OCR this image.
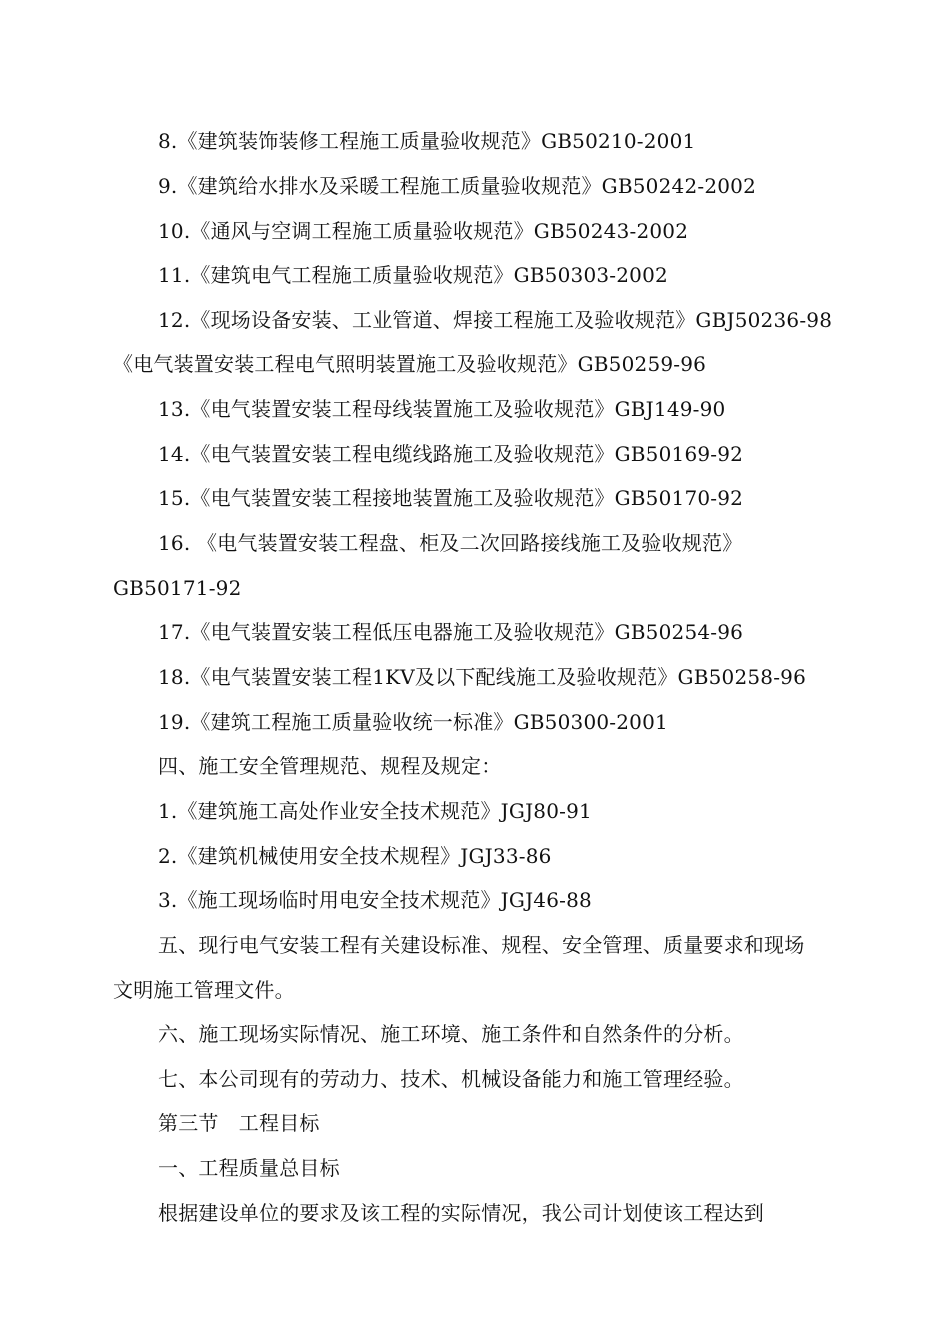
8.《建筑装饰装修工程施工质量验收规范》GB50210-2001
9.《建筑给水排水及采暖工程施工质量验收规范》GB50242-2002
10.《通风与空调工程施工质量验收规范》GB50243-2002
11.《建筑电气工程施工质量验收规范》GB50303-2002
12.《现场设备安装、工业管道、焊接工程施工及验收规范》GBJ50236-98
《电气装置安装工程电气照明装置施工及验收规范》GB50259-96
13.《电气装置安装工程母线装置施工及验收规范》GBJ149-90
14.《电气装置安装工程电缆线路施工及验收规范》GB50169-92
15.《电气装置安装工程接地装置施工及验收规范》GB50170-92
16. 《电气装置安装工程盘、柜及二次回路接线施工及验收规范》
GB50171-92
17.《电气装置安装工程低压电器施工及验收规范》GB50254-96
18.《电气装置安装工程1KV及以下配线施工及验收规范》GB50258-96
19.《建筑工程施工质量验收统一标准》GB50300-2001
四、施工安全管理规范、规程及规定：
1.《建筑施工高处作业安全技术规范》JGJ80-91
2.《建筑机械使用安全技术规程》JGJ33-86
3.《施工现场临时用电安全技术规范》JGJ46-88
五、现行电气安装工程有关建设标准、规程、安全管理、质量要求和现场
文明施工管理文件。
六、施工现场实际情况、施工环境、施工条件和自然条件的分析。
七、本公司现有的劳动力、技术、机械设备能力和施工管理经验。
第三节　工程目标
一、工程质量总目标
根据建设单位的要求及该工程的实际情况，我公司计划使该工程达到
